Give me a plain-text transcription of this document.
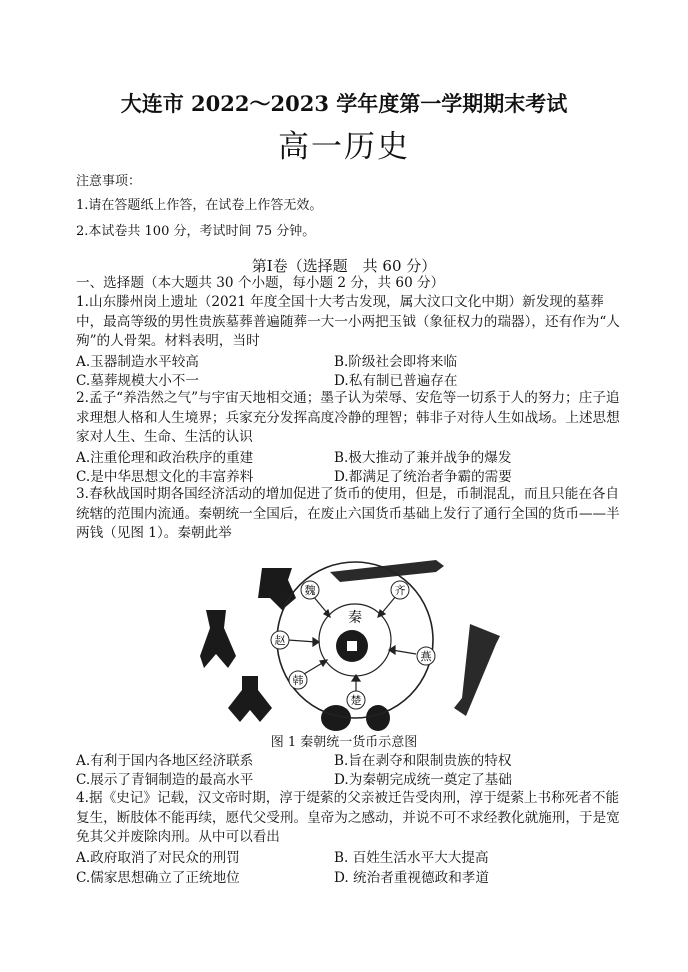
大连市 2022～2023 学年度第一学期期末考试
高一历史
注意事项：
1.请在答题纸上作答，在试卷上作答无效。
2.本试卷共 100 分，考试时间 75 分钟。
第Ⅰ卷（选择题　共 60 分）
一、选择题（本大题共 30 个小题，每小题 2 分，共 60 分）
1.山东滕州岗上遗址（2021 年度全国十大考古发现，属大汶口文化中期）新发现的墓葬中，最高等级的男性贵族墓葬普遍随葬一大一小两把玉钺（象征权力的瑞器），还有作为“人殉”的人骨架。材料表明，当时
A.玉器制造水平较高	B.阶级社会即将来临
C.墓葬规模大小不一	D.私有制已普遍存在
2.孟子“养浩然之气”与宇宙天地相交通；墨子认为荣辱、安危等一切系于人的努力；庄子追求理想人格和人生境界；兵家充分发挥高度冷静的理智；韩非子对待人生如战场。上述思想家对人生、生命、生活的认识
A.注重伦理和政治秩序的重建	B.极大推动了兼并战争的爆发
C.是中华思想文化的丰富养料	D.都满足了统治者争霸的需要
3.春秋战国时期各国经济活动的增加促进了货币的使用，但是，币制混乱，而且只能在各自统辖的范围内流通。秦朝统一全国后，在废止六国货币基础上发行了通行全国的货币——半两钱（见图 1）。秦朝此举
魏	齐
燕
楚
韩
赵
秦
图 1 秦朝统一货币示意图
A.有利于国内各地区经济联系	B.旨在剥夺和限制贵族的特权
C.展示了青铜制造的最高水平	D.为秦朝完成统一奠定了基础
4.据《史记》记载，汉文帝时期，淳于缇萦的父亲被迁告受肉刑，淳于缇萦上书称死者不能复生，断肢体不能再续，愿代父受刑。皇帝为之感动，并说不可不求经教化就施刑，于是宽免其父并废除肉刑。从中可以看出
A.政府取消了对民众的刑罚	B. 百姓生活水平大大提高
C.儒家思想确立了正统地位	D. 统治者重视德政和孝道
